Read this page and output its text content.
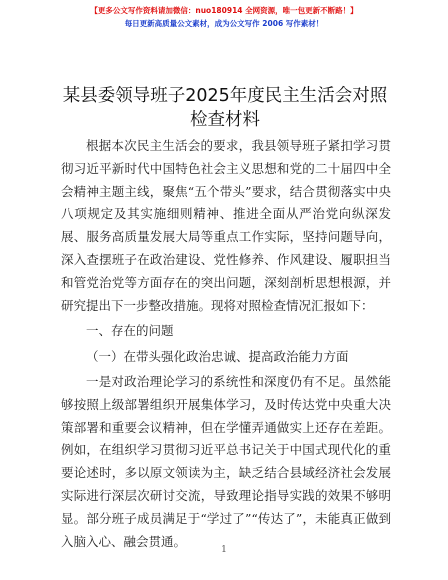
【更多公文写作资料请加微信：nuo180914 全网资源，唯一包更新不断路！】
每日更新高质量公文素材，成为公文写作 2006 写作素材！
某县委领导班子2025年度民主生活会对照检查材料
根据本次民主生活会的要求，我县领导班子紧扣学习贯彻习近平新时代中国特色社会主义思想和党的二十届四中全会精神主题主线，聚焦“五个带头”要求，结合贯彻落实中央八项规定及其实施细则精神、推进全面从严治党向纵深发展、服务高质量发展大局等重点工作实际，坚持问题导向，深入查摆班子在政治建设、党性修养、作风建设、履职担当和管党治党等方面存在的突出问题，深刻剖析思想根源，并研究提出下一步整改措施。现将对照检查情况汇报如下：
一、存在的问题
（一）在带头强化政治忠诚、提高政治能力方面
一是对政治理论学习的系统性和深度仍有不足。虽然能够按照上级部署组织开展集体学习，及时传达党中央重大决策部署和重要会议精神，但在学懂弄通做实上还存在差距。例如，在组织学习贯彻习近平总书记关于中国式现代化的重要论述时，多以原文领读为主，缺乏结合县域经济社会发展实际进行深层次研讨交流，导致理论指导实践的效果不够明显。部分班子成员满足于“学过了”“传达了”，未能真正做到入脑入心、融会贯通。
1
